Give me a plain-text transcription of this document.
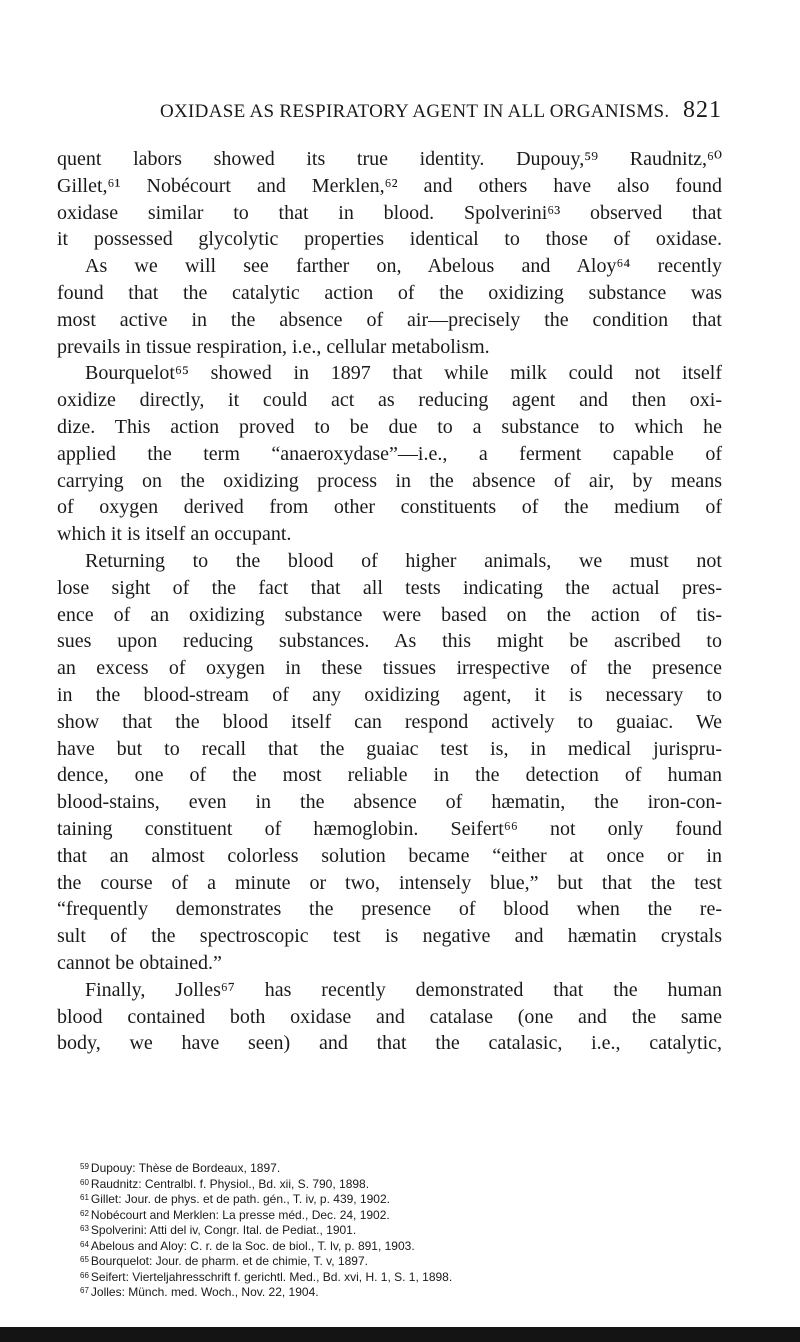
OXIDASE AS RESPIRATORY AGENT IN ALL ORGANISMS. 821
quent labors showed its true identity. Dupouy,⁵⁹ Raudnitz,⁶⁰
Gillet,⁶¹ Nobécourt and Merklen,⁶² and others have also found
oxidase similar to that in blood. Spolverini⁶³ observed that
it possessed glycolytic properties identical to those of oxidase.
As we will see farther on, Abelous and Aloy⁶⁴ recently
found that the catalytic action of the oxidizing substance was
most active in the absence of air—precisely the condition that
prevails in tissue respiration, i.e., cellular metabolism.
Bourquelot⁶⁵ showed in 1897 that while milk could not itself
oxidize directly, it could act as reducing agent and then oxi-
dize. This action proved to be due to a substance to which he
applied the term “anaeroxydase”—i.e., a ferment capable of
carrying on the oxidizing process in the absence of air, by means
of oxygen derived from other constituents of the medium of
which it is itself an occupant.
Returning to the blood of higher animals, we must not
lose sight of the fact that all tests indicating the actual pres-
ence of an oxidizing substance were based on the action of tis-
sues upon reducing substances. As this might be ascribed to
an excess of oxygen in these tissues irrespective of the presence
in the blood-stream of any oxidizing agent, it is necessary to
show that the blood itself can respond actively to guaiac. We
have but to recall that the guaiac test is, in medical jurispru-
dence, one of the most reliable in the detection of human
blood-stains, even in the absence of hæmatin, the iron-con-
taining constituent of hæmoglobin. Seifert⁶⁶ not only found
that an almost colorless solution became “either at once or in
the course of a minute or two, intensely blue,” but that the test
“frequently demonstrates the presence of blood when the re-
sult of the spectroscopic test is negative and hæmatin crystals
cannot be obtained.”
Finally, Jolles⁶⁷ has recently demonstrated that the human
blood contained both oxidase and catalase (one and the same
body, we have seen) and that the catalasic, i.e., catalytic,
$^{59}$ Dupouy: Thèse de Bordeaux, 1897.
$^{60}$ Raudnitz: Centralbl. f. Physiol., Bd. xii, S. 790, 1898.
$^{61}$ Gillet: Jour. de phys. et de path. gén., T. iv, p. 439, 1902.
$^{62}$ Nobécourt and Merklen: La presse méd., Dec. 24, 1902.
$^{63}$ Spolverini: Atti del iv, Congr. Ital. de Pediat., 1901.
$^{64}$ Abelous and Aloy: C. r. de la Soc. de biol., T. lv, p. 891, 1903.
$^{65}$ Bourquelot: Jour. de pharm. et de chimie, T. v, 1897.
$^{66}$ Seifert: Vierteljahresschrift f. gerichtl. Med., Bd. xvi, H. 1, S. 1, 1898.
$^{67}$ Jolles: Münch. med. Woch., Nov. 22, 1904.
